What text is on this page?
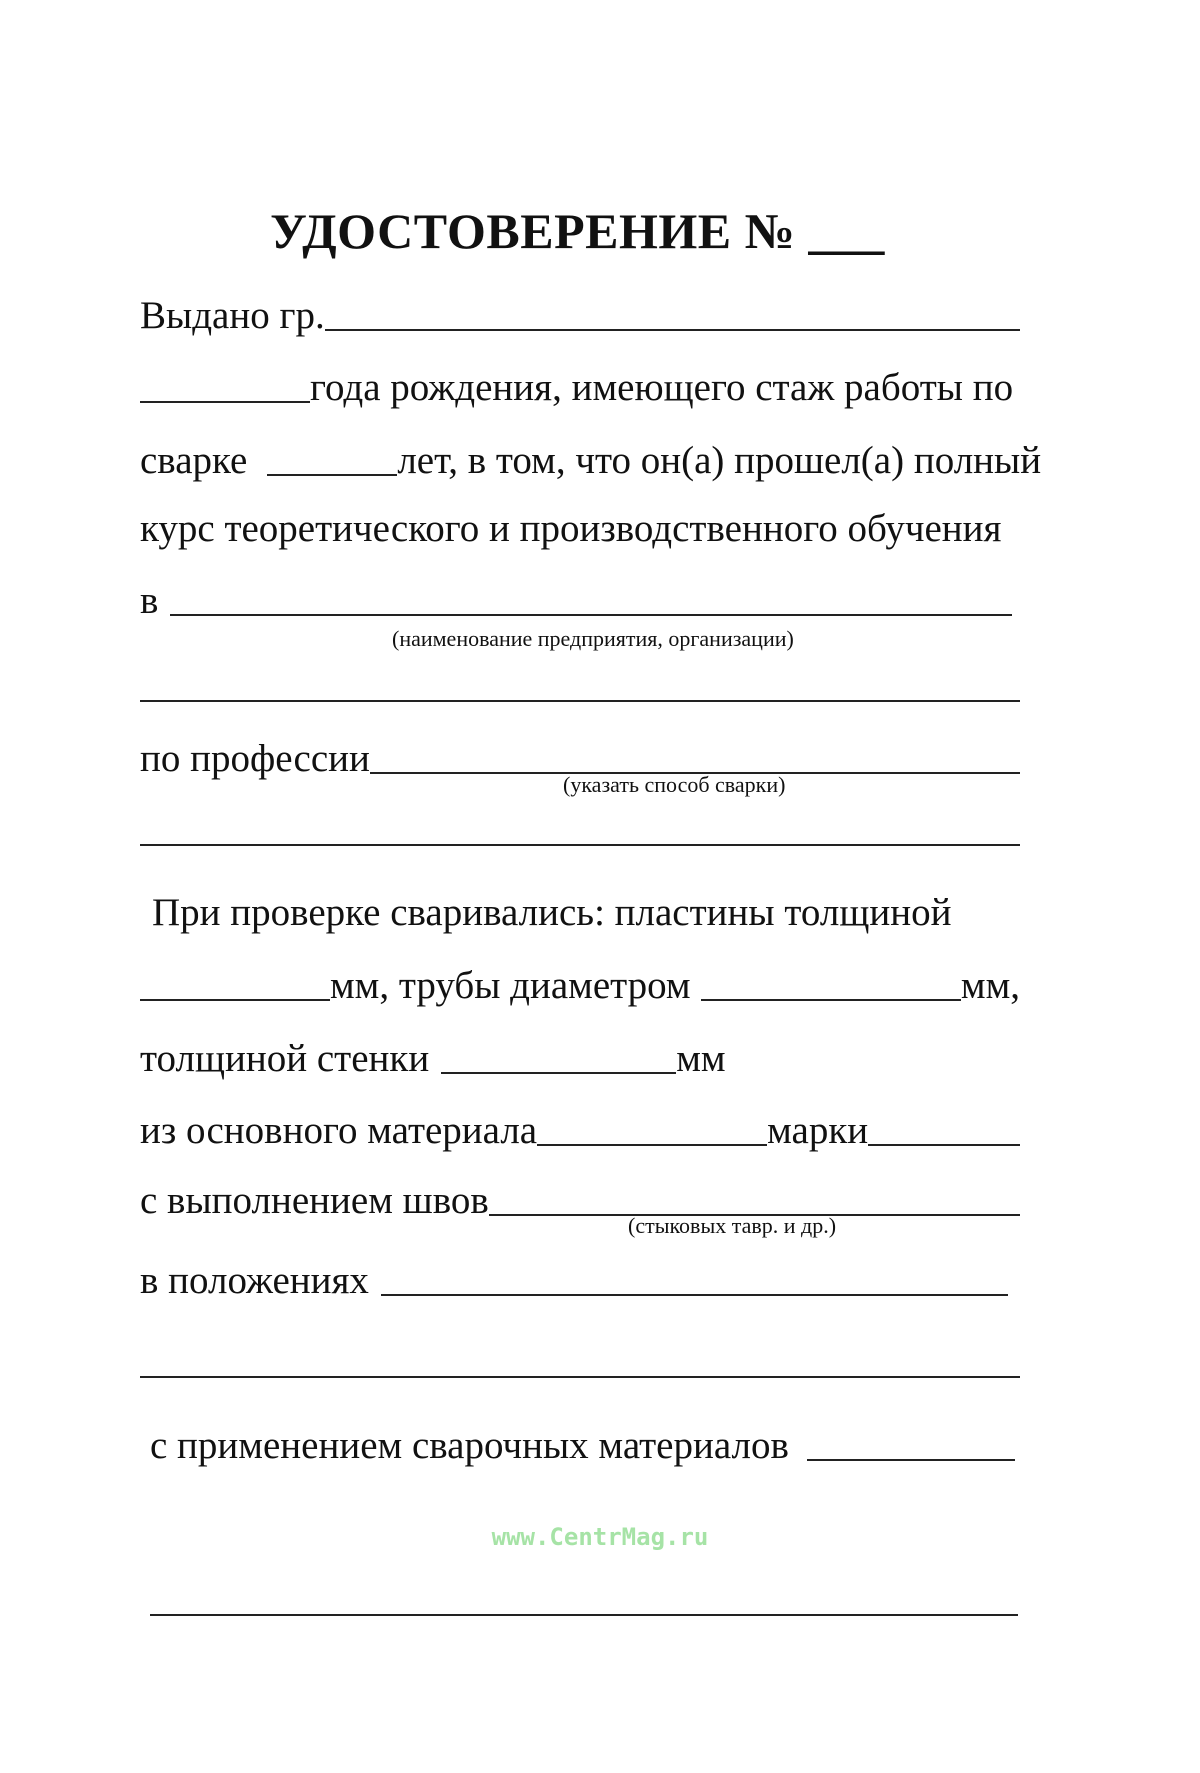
УДОСТОВЕРЕНИЕ № ___
Выдано гр.
года рождения, имеющего стаж работы по
сварке	лет, в том, что он(а) прошел(а) полный
курс теоретического и производственного обучения
в
(наименование предприятия, организации)
по профессии
(указать способ сварки)
При проверке сваривались: пластины толщиной
мм, трубы диаметром	мм,
толщиной стенки	мм
из основного материала	марки
с выполнением швов
(стыковых тавр. и др.)
в положениях
с применением сварочных материалов
www.CentrMag.ru
